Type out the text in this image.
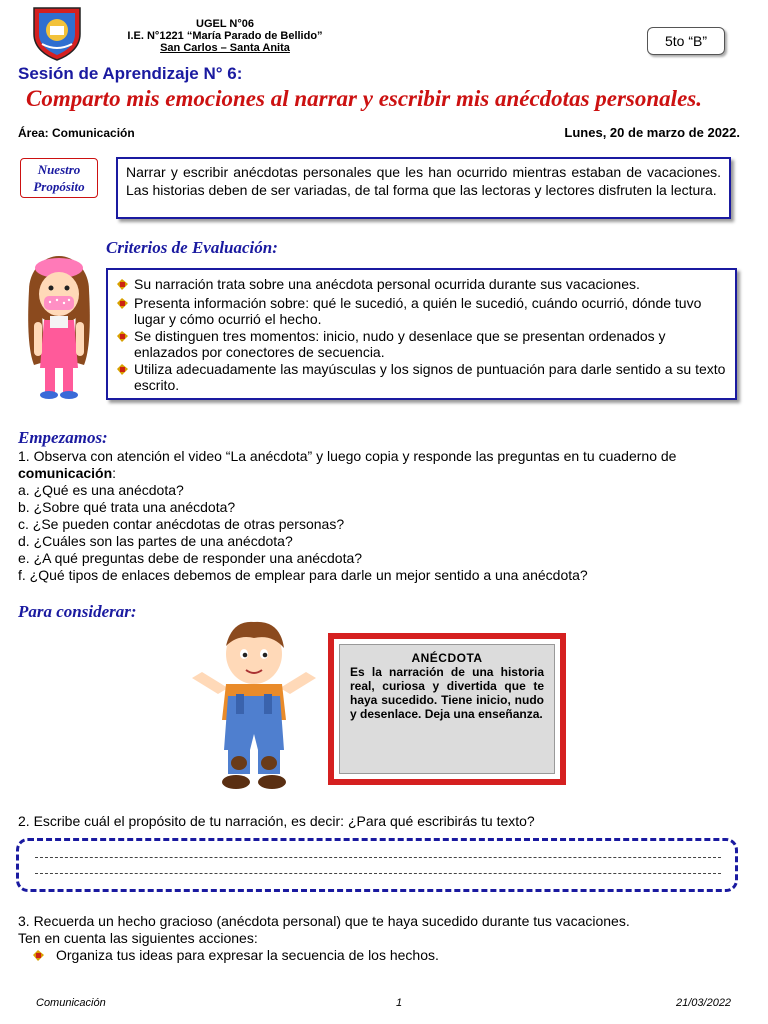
UGEL N°06
I.E. N°1221 “María Parado de Bellido”
San Carlos – Santa Anita	5to “B”
Sesión de Aprendizaje N° 6:
Comparto mis emociones al narrar y escribir mis anécdotas personales.
Área: Comunicación	Lunes, 20 de marzo de 2022.
Nuestro
Propósito
Narrar y escribir anécdotas personales que les han ocurrido mientras estaban de vacaciones. Las historias deben de ser variadas, de tal forma que las lectoras y lectores disfruten la lectura.
Criterios de Evaluación:
Su narración trata sobre una anécdota personal ocurrida durante sus vacaciones.
Presenta información sobre: qué le sucedió, a quién le sucedió, cuándo ocurrió, dónde tuvo lugar y cómo ocurrió el hecho.
Se distinguen tres momentos: inicio, nudo y desenlace que se presentan ordenados y enlazados por conectores de secuencia.
Utiliza adecuadamente las mayúsculas y los signos de puntuación para darle sentido a su texto escrito.
Empezamos:
1. Observa con atención el video “La anécdota” y luego copia y responde las preguntas en tu cuaderno de comunicación:
a. ¿Qué es una anécdota?
b. ¿Sobre qué trata una anécdota?
c. ¿Se pueden contar anécdotas de otras personas?
d. ¿Cuáles son las partes de una anécdota?
e. ¿A qué preguntas debe de responder una anécdota?
f. ¿Qué tipos de enlaces debemos de emplear para darle un mejor sentido a una anécdota?
Para considerar:
ANÉCDOTA
Es la narración de una historia real, curiosa y divertida que te haya sucedido. Tiene inicio, nudo y desenlace. Deja una enseñanza.
2. Escribe cuál el propósito de tu narración, es decir: ¿Para qué escribirás tu texto?
3. Recuerda un hecho gracioso (anécdota personal) que te haya sucedido durante tus vacaciones.
Ten en cuenta las siguientes acciones:
Organiza tus ideas para expresar la secuencia de los hechos.
Comunicación	1	21/03/2022
